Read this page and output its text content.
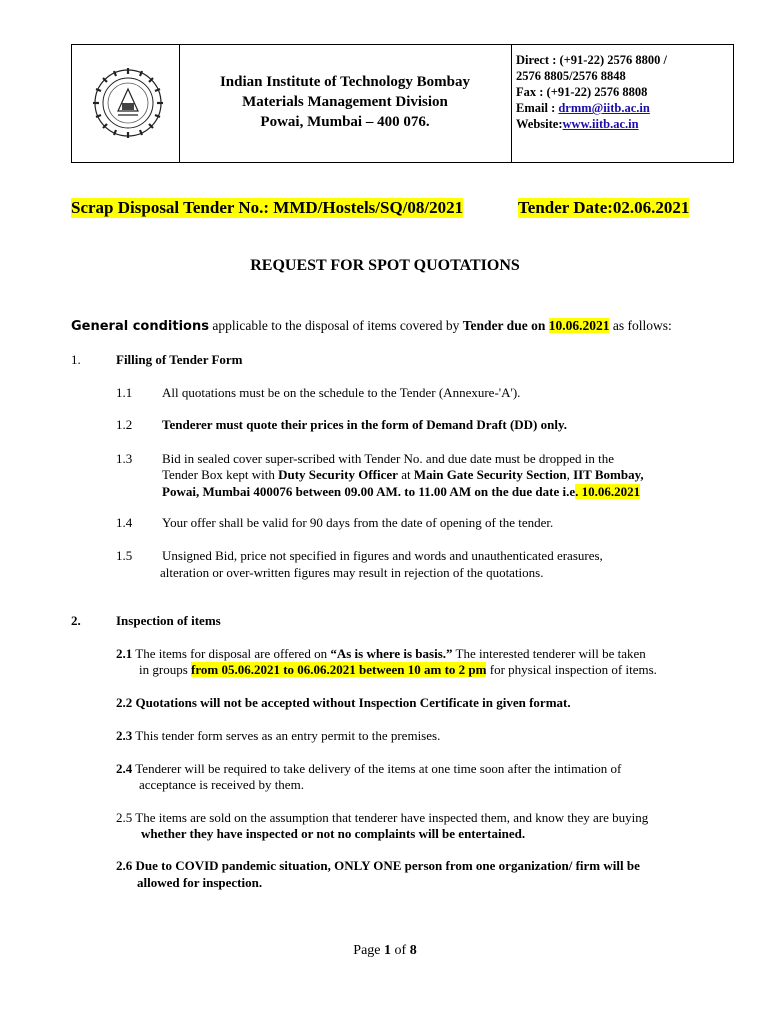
Indian Institute of Technology Bombay
Materials Management Division
Powai, Mumbai – 400 076.
Direct : (+91-22) 2576 8800 /
2576 8805/2576 8848
Fax : (+91-22) 2576 8808
Email : drmm@iitb.ac.in
Website:www.iitb.ac.in
Scrap Disposal Tender No.: MMD/Hostels/SQ/08/2021	Tender Date:02.06.2021
REQUEST FOR SPOT QUOTATIONS
General conditions applicable to the disposal of items covered by Tender due on 10.06.2021 as follows:
1.	Filling of Tender Form
1.1 All quotations must be on the schedule to the Tender (Annexure-'A').
1.2 Tenderer must quote their prices in the form of Demand Draft (DD) only.
1.3 Bid in sealed cover super-scribed with Tender No. and due date must be dropped in the
Tender Box kept with Duty Security Officer at Main Gate Security Section, IIT Bombay,
Powai, Mumbai 400076 between 09.00 AM. to 11.00 AM on the due date i.e. 10.06.2021
1.4 Your offer shall be valid for 90 days from the date of opening of the tender.
1.5 Unsigned Bid, price not specified in figures and words and unauthenticated erasures,
alteration or over-written figures may result in rejection of the quotations.
2.	Inspection of items
2.1 The items for disposal are offered on “As is where is basis.” The interested tenderer will be taken
in groups from 05.06.2021 to 06.06.2021 between 10 am to 2 pm for physical inspection of items.
2.2 Quotations will not be accepted without Inspection Certificate in given format.
2.3 This tender form serves as an entry permit to the premises.
2.4 Tenderer will be required to take delivery of the items at one time soon after the intimation of
acceptance is received by them.
2.5 The items are sold on the assumption that tenderer have inspected them, and know they are buying
whether they have inspected or not no complaints will be entertained.
2.6 Due to COVID pandemic situation, ONLY ONE person from one organization/ firm will be
allowed for inspection.
Page 1 of 8
